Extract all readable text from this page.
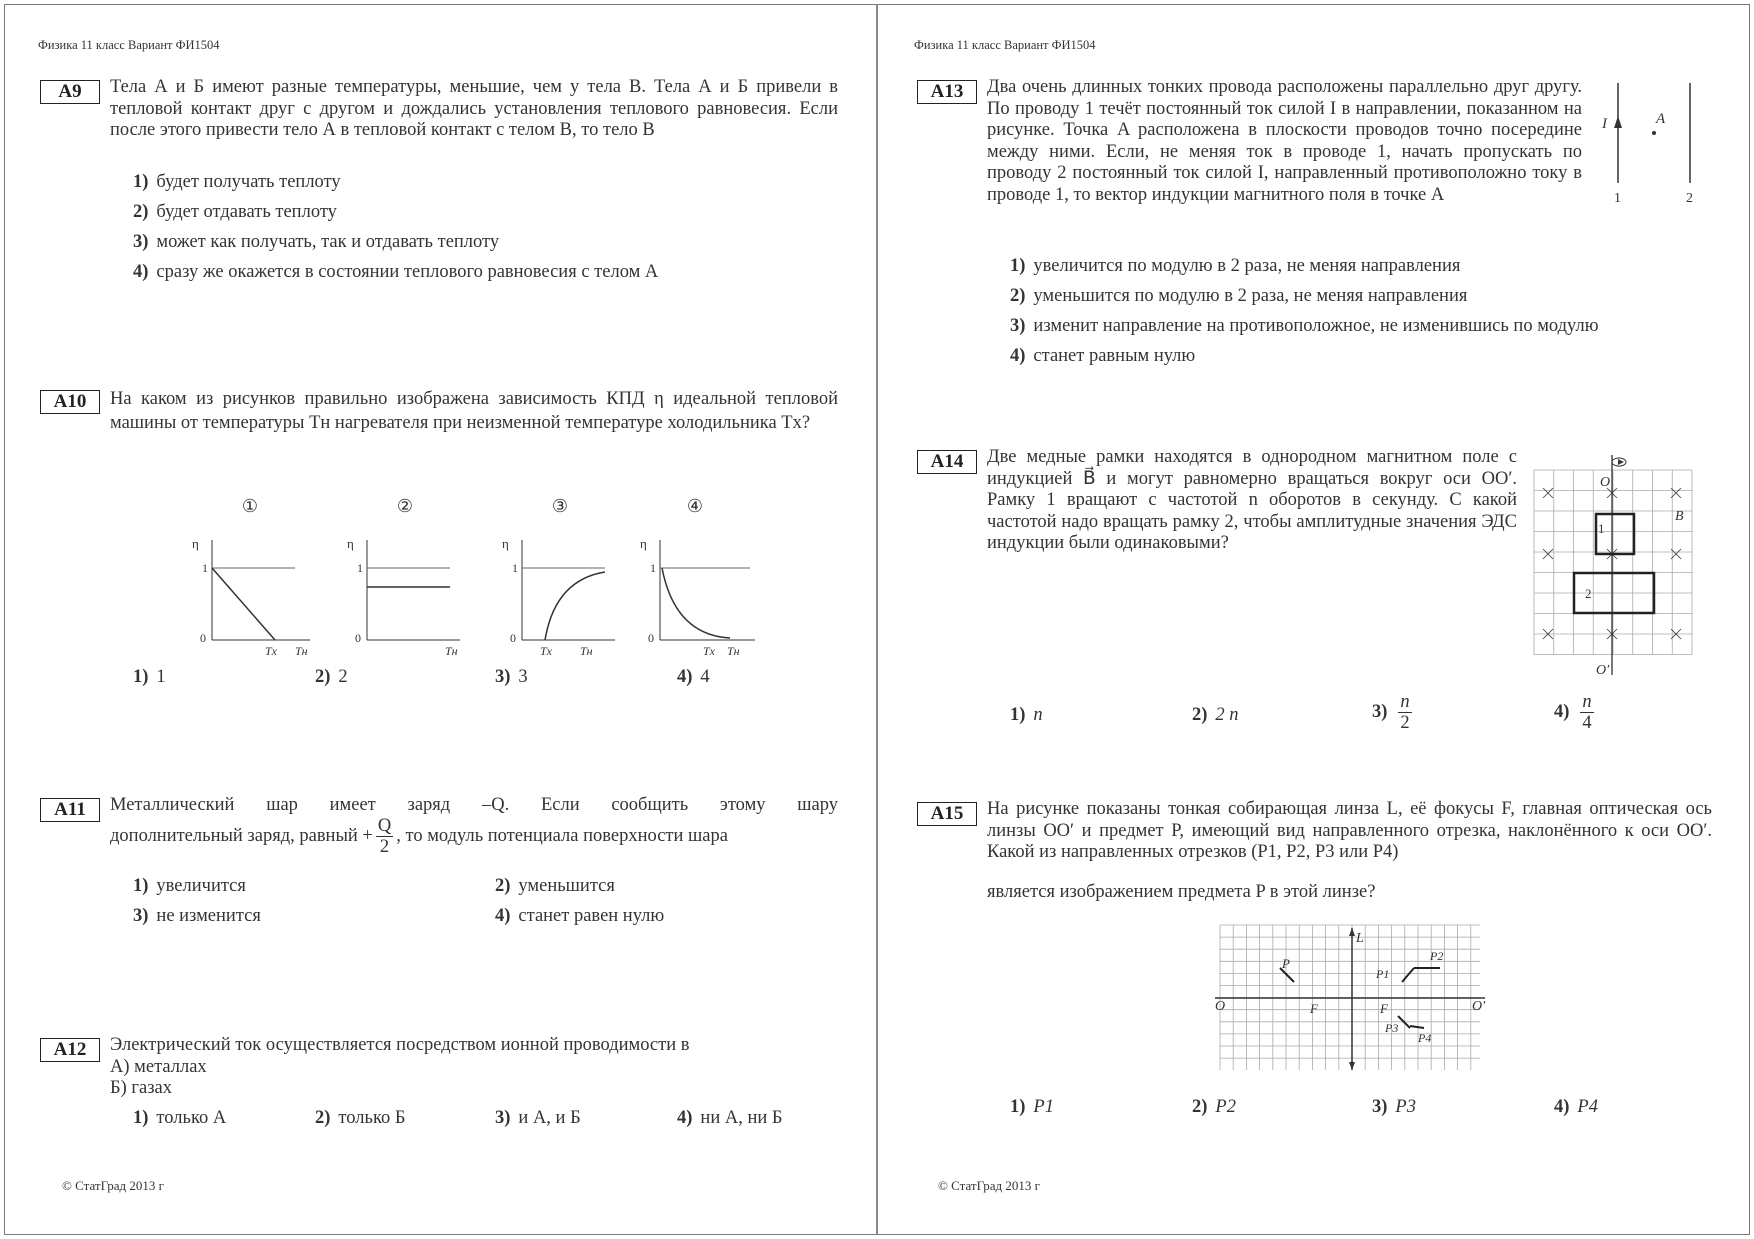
Физика 11 класс Вариант ФИ1504
А9	Тела А и Б имеют разные температуры, меньшие, чем у тела В. Тела А и Б привели в тепловой контакт друг с другом и дождались установления теплового равновесия. Если после этого привести тело А в тепловой контакт с телом В, то тело В
1) будет получать теплоту
2) будет отдавать теплоту
3) может как получать, так и отдавать теплоту
4) сразу же окажется в состоянии теплового равновесия с телом А
А10	На каком из рисунков правильно изображена зависимость КПД η идеальной тепловой машины от температуры Tн нагревателя при неизменной температуре холодильника Tх?
①
η
1
0
Tх Tн
②
η
1
0
Tн
③
η
1
0
Tх Tн
④
η
1
0
Tх Tн
1) 1	2) 2	3) 3	4) 4
А11	Металлический шар имеет заряд –Q. Если сообщить этому шару
дополнительный заряд, равный + $\frac{Q}{2}$ , то модуль потенциала поверхности шара
1) увеличится	2) уменьшится
3) не изменится	4) станет равен нулю
А12	Электрический ток осуществляется посредством ионной проводимости в
А) металлах
Б) газах
1) только А	2) только Б	3) и А, и Б	4) ни А, ни Б
© СтатГрад 2013 г
Физика 11 класс Вариант ФИ1504
А13	Два очень длинных тонких провода расположены параллельно друг другу. По проводу 1 течёт постоянный ток силой I в направлении, показанном на рисунке. Точка A расположена в плоскости проводов точно посередине между ними. Если, не меняя ток в проводе 1, начать пропускать по проводу 2 постоянный ток силой I, направленный противоположно току в проводе 1, то вектор индукции магнитного поля в точке A
1) увеличится по модулю в 2 раза, не меняя направления
2) уменьшится по модулю в 2 раза, не меняя направления
3) изменит направление на противоположное, не изменившись по модулю
4) станет равным нулю
I	A
1	2
А14	Две медные рамки находятся в однородном магнитном поле с индукцией B⃗ и могут равномерно вращаться вокруг оси OO′. Рамку 1 вращают с частотой n оборотов в секунду. С какой частотой надо вращать рамку 2, чтобы амплитудные значения ЭДС индукции были одинаковыми?
1) n	2) 2 n	$3) \frac{n}{2}$	$4) \frac{n}{4}$
O
O′
B⃗
1
2
А15	На рисунке показаны тонкая собирающая линза L, её фокусы F, главная оптическая ось линзы OO′ и предмет P, имеющий вид направленного отрезка, наклонённого к оси OO′. Какой из направленных отрезков (P1, P2, P3 или P4)
является изображением предмета P в этой линзе?
1) P1	2) P2	3) P3	4) P4
O	O′
F	F
L
P
P1
P2
P3
P4
© СтатГрад 2013 г
